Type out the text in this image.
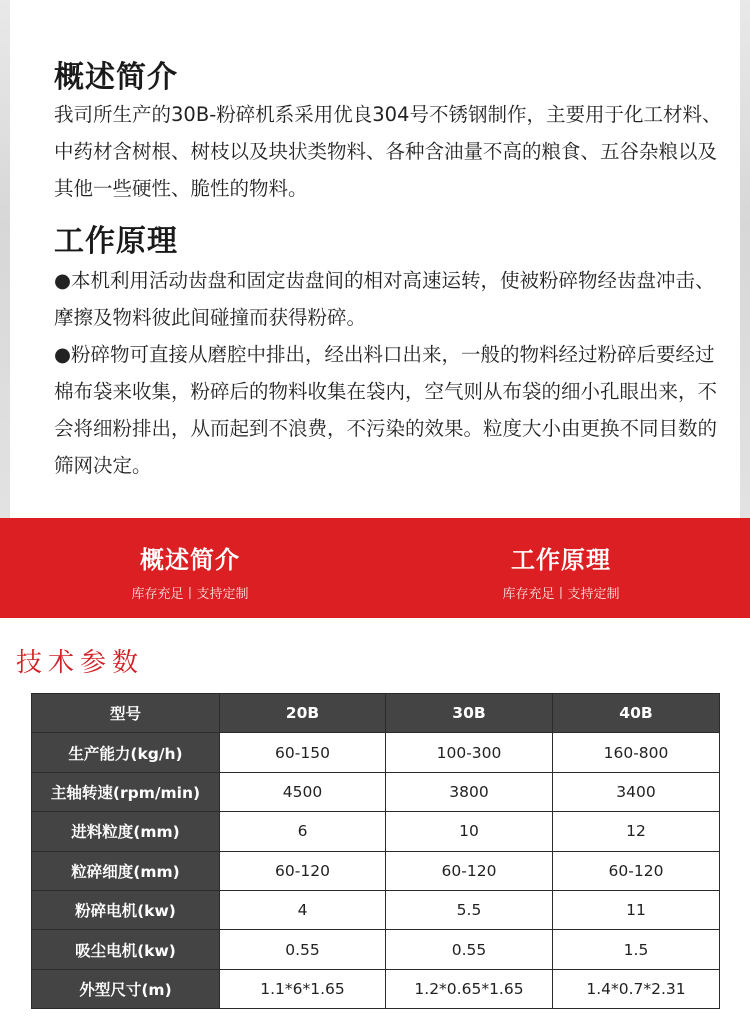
概述简介

我司所生产的30B-粉碎机系采用优良304号不锈钢制作，主要用于化工材料、中药材含树根、树枝以及块状类物料、各种含油量不高的粮食、五谷杂粮以及其他一些硬性、脆性的物料。

工作原理

●本机利用活动齿盘和固定齿盘间的相对高速运转，使被粉碎物经齿盘冲击、摩擦及物料彼此间碰撞而获得粉碎。

●粉碎物可直接从磨腔中排出，经出料口出来，一般的物料经过粉碎后要经过棉布袋来收集，粉碎后的物料收集在袋内，空气则从布袋的细小孔眼出来，不会将细粉排出，从而起到不浪费，不污染的效果。粒度大小由更换不同目数的筛网决定。

概述简介
库存充足丨支持定制
工作原理
库存充足丨支持定制
技术参数
型号	20B	30B	40B
生产能力(kg/h)	60-150	100-300	160-800
主轴转速(rpm/min)	4500	3800	3400
进料粒度(mm)	6	10	12
粒碎细度(mm)	60-120	60-120	60-120
粉碎电机(kw)	4	5.5	11
吸尘电机(kw)	0.55	0.55	1.5
外型尺寸(m)	1.1*6*1.65	1.2*0.65*1.65	1.4*0.7*2.31
